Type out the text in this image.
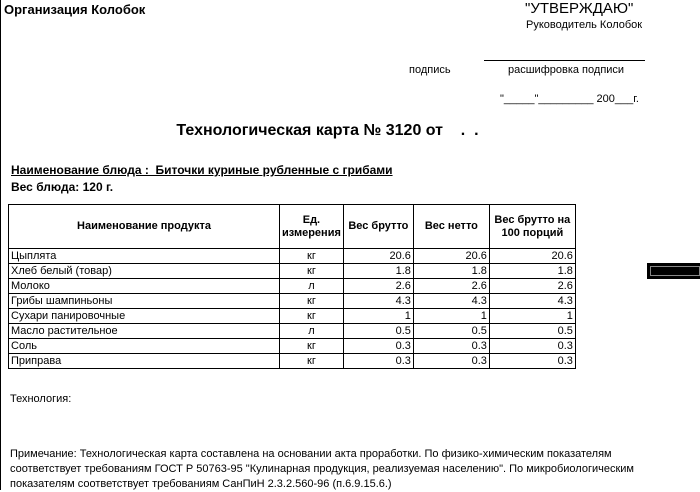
Организация Колобок	"УТВЕРЖДАЮ"
Руководитель Колобок
подпись	расшифровка подписи
"_____"_________ 200___г.
Технологическая карта № 3120 от    .  .
Наименование блюда :  Биточки куриные рубленные с грибами
Вес блюда: 120 г.
Наименование продукта	Ед. измерения	Вес брутто	Вес нетто	Вес брутто на 100 порций
Цыплята	кг	20.6	20.6	20.6
Хлеб белый (товар)	кг	1.8	1.8	1.8
Молоко	л	2.6	2.6	2.6
Грибы шампиньоны	кг	4.3	4.3	4.3
Сухари панировочные	кг	1	1	1
Масло растительное	л	0.5	0.5	0.5
Соль	кг	0.3	0.3	0.3
Приправа	кг	0.3	0.3	0.3
Технология:
Примечание: Технологическая карта составлена на основании акта проработки. По физико-химическим показателям соответствует требованиям ГОСТ Р 50763-95 "Кулинарная продукция, реализуемая населению". По микробиологическим показателям соответствует требованиям СанПиН 2.3.2.560-96 (п.6.9.15.6.)
